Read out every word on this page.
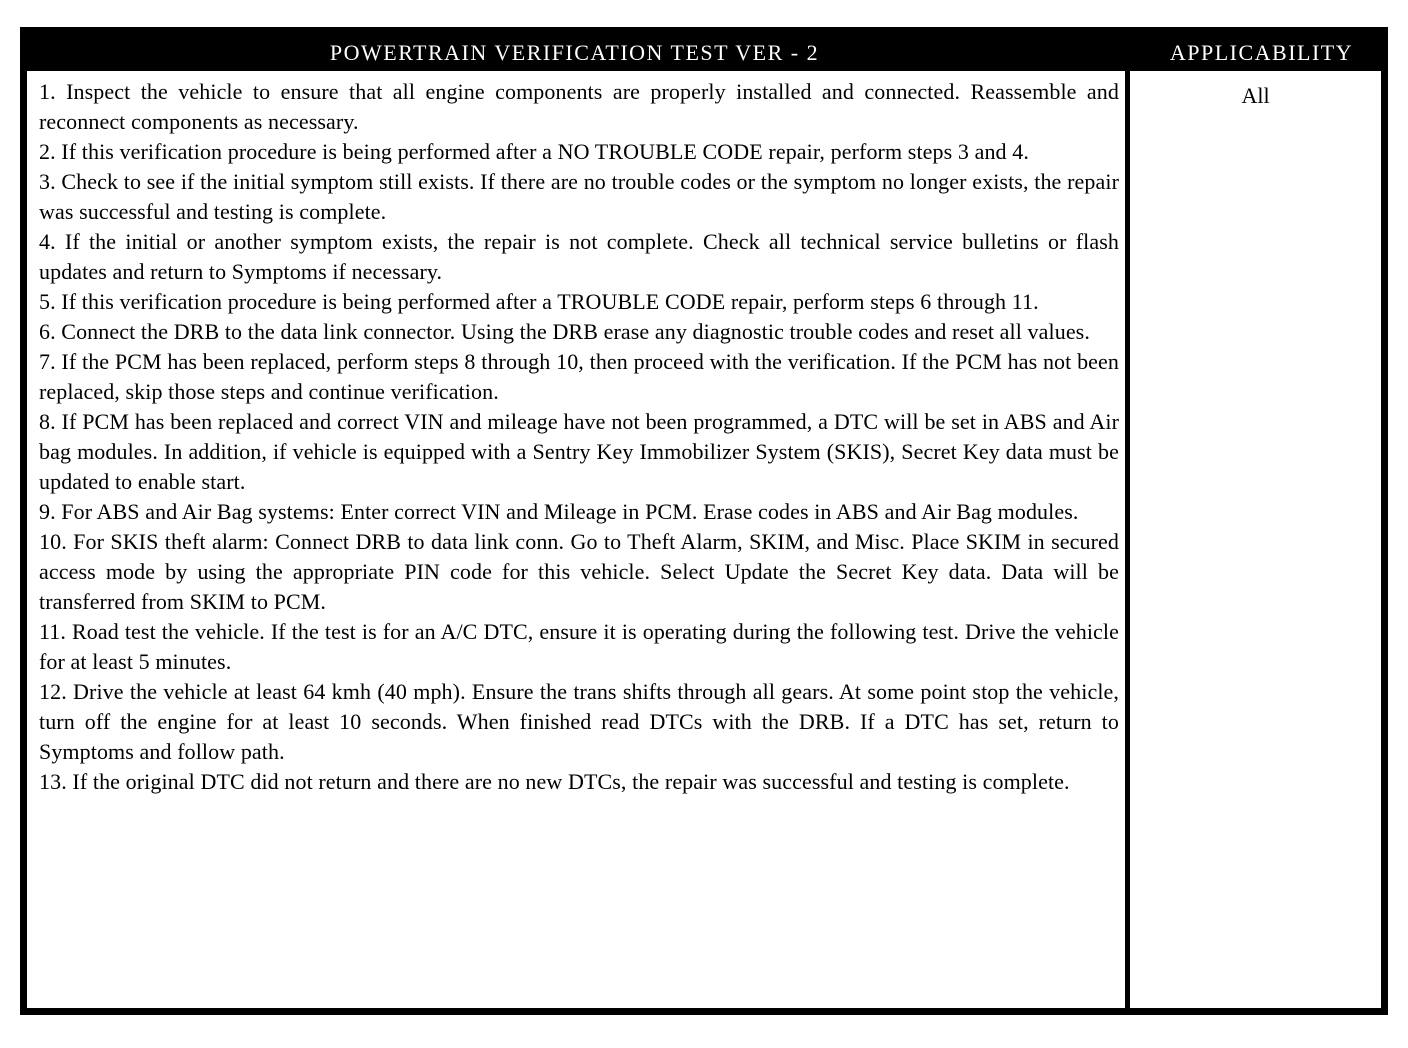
POWERTRAIN VERIFICATION TEST VER - 2	APPLICABILITY

1. Inspect the vehicle to ensure that all engine components are properly installed and connected. Reassemble and reconnect components as necessary.

2. If this verification procedure is being performed after a NO TROUBLE CODE repair, perform steps 3 and 4.

3. Check to see if the initial symptom still exists. If there are no trouble codes or the symptom no longer exists, the repair was successful and testing is complete.

4. If the initial or another symptom exists, the repair is not complete. Check all technical service bulletins or flash updates and return to Symptoms if necessary.

5. If this verification procedure is being performed after a TROUBLE CODE repair, perform steps 6 through 11.

6. Connect the DRB to the data link connector. Using the DRB erase any diagnostic trouble codes and reset all values.

7. If the PCM has been replaced, perform steps 8 through 10, then proceed with the verification. If the PCM has not been replaced, skip those steps and continue verification.

8. If PCM has been replaced and correct VIN and mileage have not been programmed, a DTC will be set in ABS and Air bag modules. In addition, if vehicle is equipped with a Sentry Key Immobilizer System (SKIS), Secret Key data must be updated to enable start.

9. For ABS and Air Bag systems: Enter correct VIN and Mileage in PCM. Erase codes in ABS and Air Bag modules.

10. For SKIS theft alarm: Connect DRB to data link conn. Go to Theft Alarm, SKIM, and Misc. Place SKIM in secured access mode by using the appropriate PIN code for this vehicle. Select Update the Secret Key data. Data will be transferred from SKIM to PCM.

11. Road test the vehicle. If the test is for an A/C DTC, ensure it is operating during the following test. Drive the vehicle for at least 5 minutes.

12. Drive the vehicle at least 64 kmh (40 mph). Ensure the trans shifts through all gears. At some point stop the vehicle, turn off the engine for at least 10 seconds. When finished read DTCs with the DRB. If a DTC has set, return to Symptoms and follow path.

13. If the original DTC did not return and there are no new DTCs, the repair was successful and testing is complete.

All
